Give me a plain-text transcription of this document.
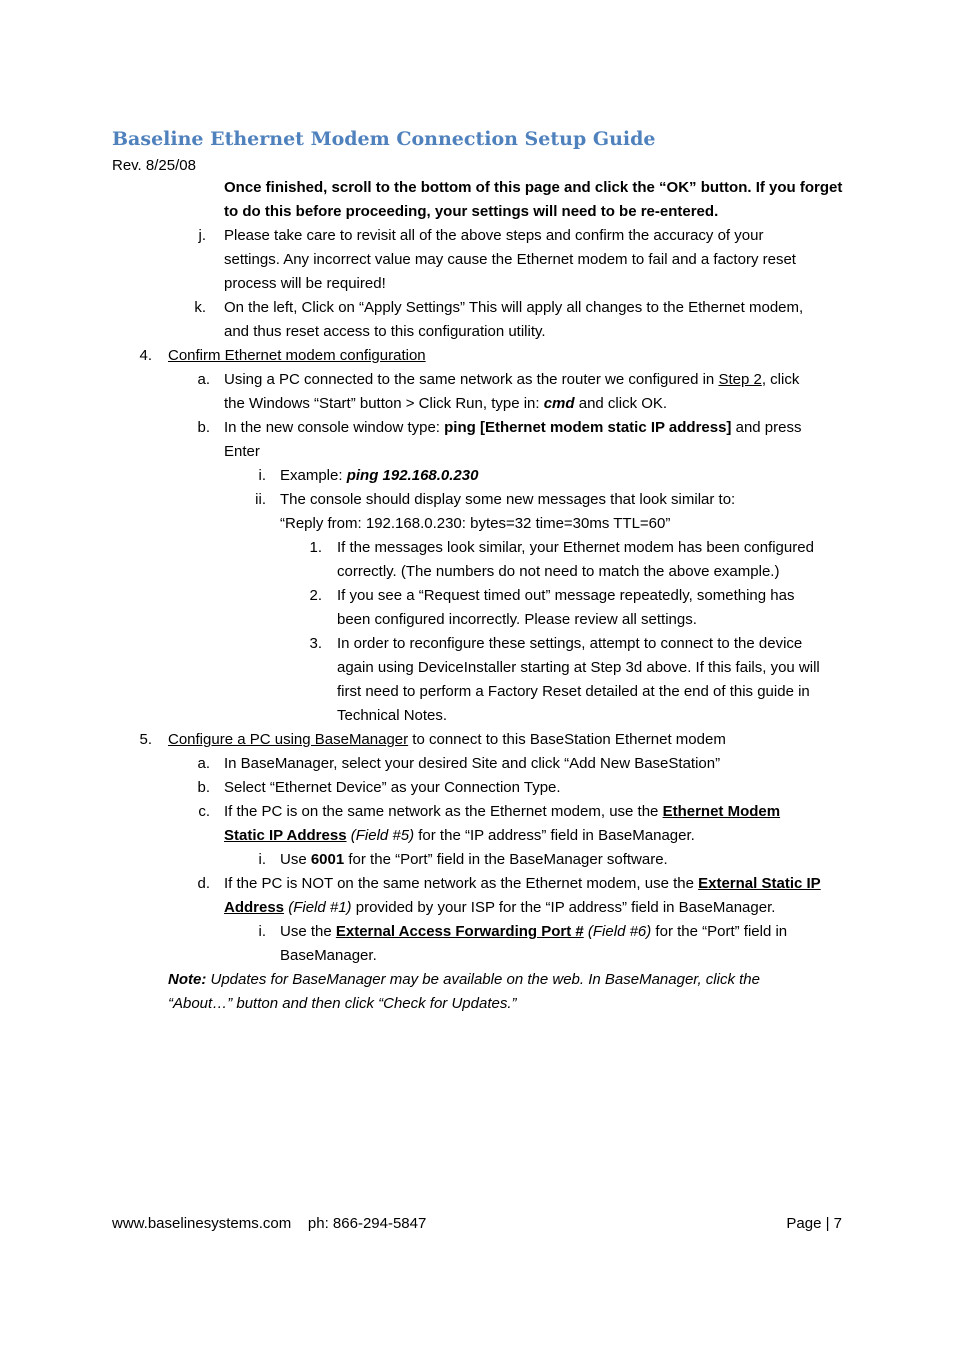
Baseline Ethernet Modem Connection Setup Guide
Rev. 8/25/08
Once finished, scroll to the bottom of this page and click the “OK” button. If you forget
to do this before proceeding, your settings will need to be re-entered.
j. Please take care to revisit all of the above steps and confirm the accuracy of your
settings. Any incorrect value may cause the Ethernet modem to fail and a factory reset
process will be required!
k. On the left, Click on “Apply Settings” This will apply all changes to the Ethernet modem,
and thus reset access to this configuration utility.
4. Confirm Ethernet modem configuration
a. Using a PC connected to the same network as the router we configured in Step 2, click
the Windows “Start” button > Click Run, type in: cmd and click OK.
b. In the new console window type: ping [Ethernet modem static IP address] and press
Enter
i. Example: ping 192.168.0.230
ii. The console should display some new messages that look similar to:
“Reply from: 192.168.0.230: bytes=32 time=30ms TTL=60”
1. If the messages look similar, your Ethernet modem has been configured
correctly. (The numbers do not need to match the above example.)
2. If you see a “Request timed out” message repeatedly, something has
been configured incorrectly. Please review all settings.
3. In order to reconfigure these settings, attempt to connect to the device
again using DeviceInstaller starting at Step 3d above. If this fails, you will
first need to perform a Factory Reset detailed at the end of this guide in
Technical Notes.
5. Configure a PC using BaseManager to connect to this BaseStation Ethernet modem
a. In BaseManager, select your desired Site and click “Add New BaseStation”
b. Select “Ethernet Device” as your Connection Type.
c. If the PC is on the same network as the Ethernet modem, use the Ethernet Modem
Static IP Address (Field #5) for the “IP address” field in BaseManager.
i. Use 6001 for the “Port” field in the BaseManager software.
d. If the PC is NOT on the same network as the Ethernet modem, use the External Static IP
Address (Field #1) provided by your ISP for the “IP address” field in BaseManager.
i. Use the External Access Forwarding Port # (Field #6) for the “Port” field in
BaseManager.
Note: Updates for BaseManager may be available on the web. In BaseManager, click the
“About…” button and then click “Check for Updates.”
www.baselinesystems.com ph: 866-294-5847	Page | 7
